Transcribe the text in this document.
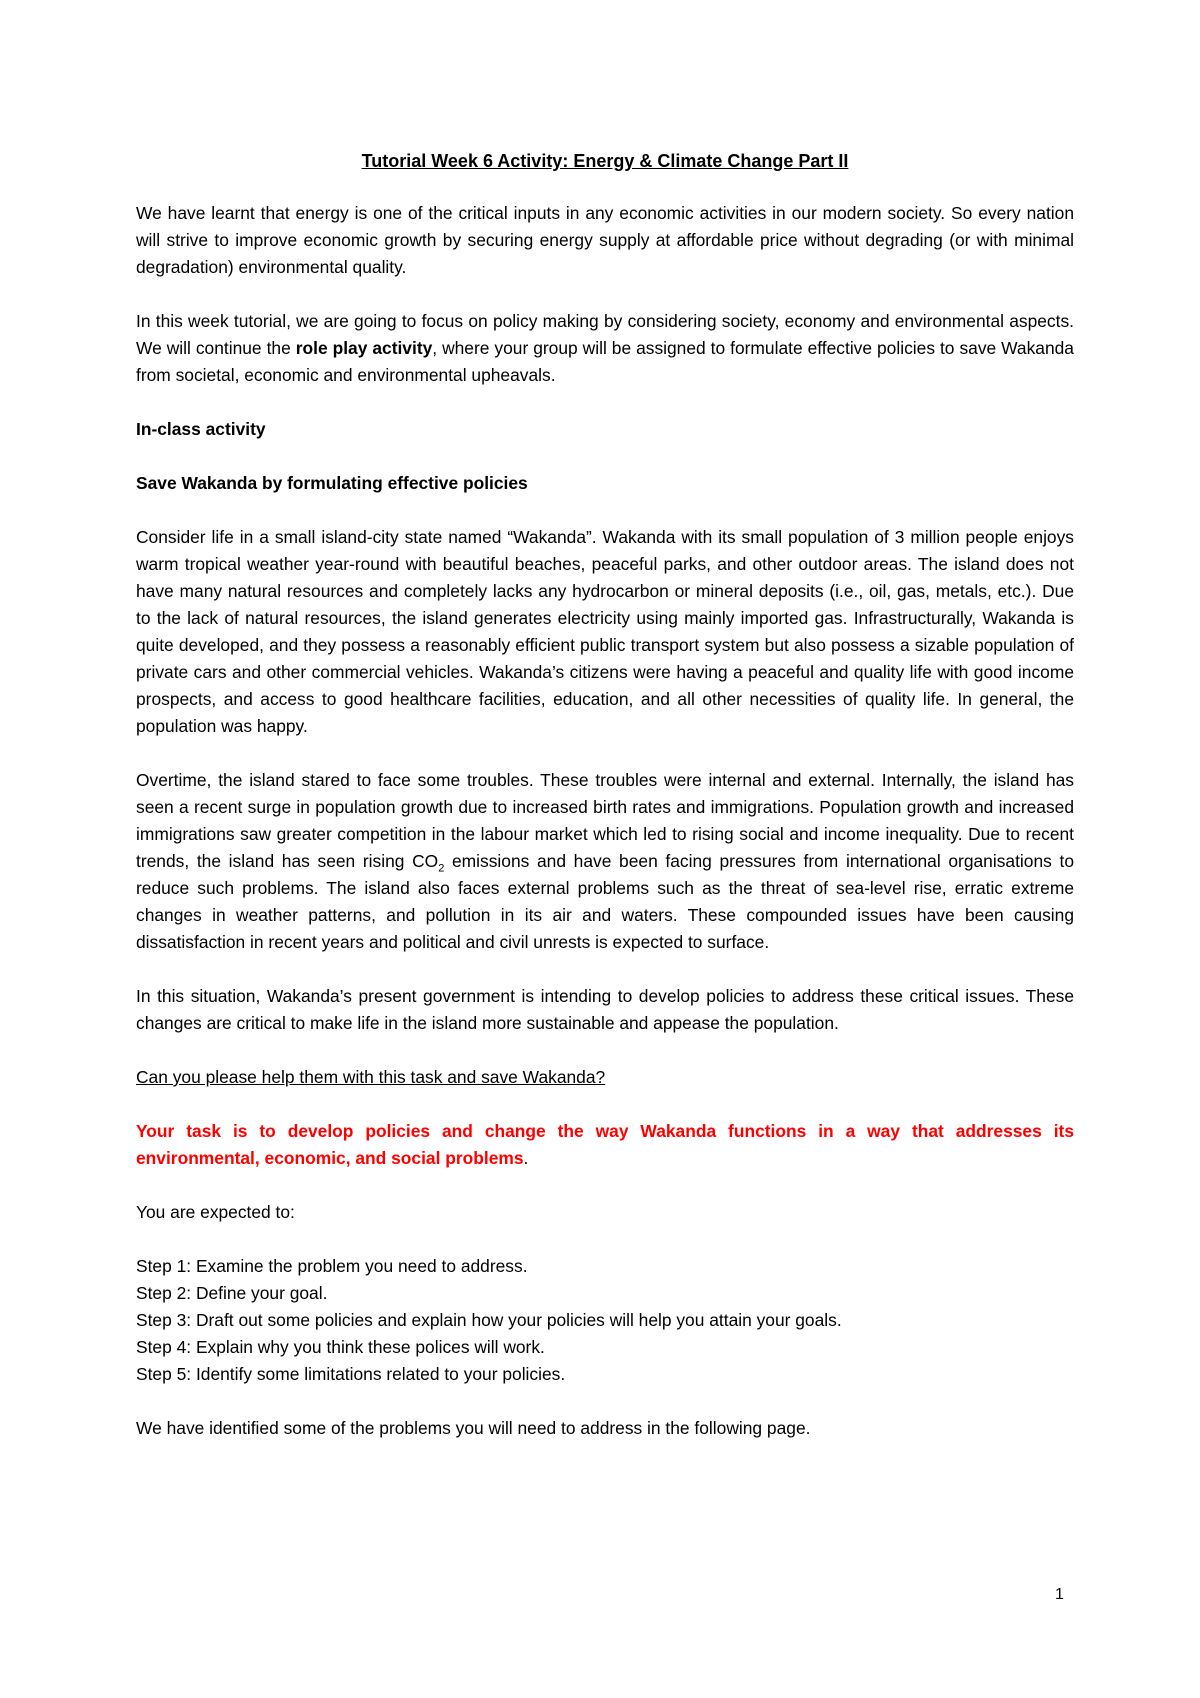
Tutorial Week 6 Activity: Energy & Climate Change Part II

We have learnt that energy is one of the critical inputs in any economic activities in our modern society. So every nation will strive to improve economic growth by securing energy supply at affordable price without degrading (or with minimal degradation) environmental quality.

In this week tutorial, we are going to focus on policy making by considering society, economy and environmental aspects. We will continue the role play activity, where your group will be assigned to formulate effective policies to save Wakanda from societal, economic and environmental upheavals.

In-class activity

Save Wakanda by formulating effective policies

Consider life in a small island-city state named “Wakanda”. Wakanda with its small population of 3 million people enjoys warm tropical weather year-round with beautiful beaches, peaceful parks, and other outdoor areas. The island does not have many natural resources and completely lacks any hydrocarbon or mineral deposits (i.e., oil, gas, metals, etc.). Due to the lack of natural resources, the island generates electricity using mainly imported gas. Infrastructurally, Wakanda is quite developed, and they possess a reasonably efficient public transport system but also possess a sizable population of private cars and other commercial vehicles. Wakanda’s citizens were having a peaceful and quality life with good income prospects, and access to good healthcare facilities, education, and all other necessities of quality life. In general, the population was happy.

Overtime, the island stared to face some troubles. These troubles were internal and external. Internally, the island has seen a recent surge in population growth due to increased birth rates and immigrations. Population growth and increased immigrations saw greater competition in the labour market which led to rising social and income inequality. Due to recent trends, the island has seen rising $CO_2$ emissions and have been facing pressures from international organisations to reduce such problems. The island also faces external problems such as the threat of sea-level rise, erratic extreme changes in weather patterns, and pollution in its air and waters. These compounded issues have been causing dissatisfaction in recent years and political and civil unrests is expected to surface.

In this situation, Wakanda’s present government is intending to develop policies to address these critical issues. These changes are critical to make life in the island more sustainable and appease the population.

Can you please help them with this task and save Wakanda?

Your task is to develop policies and change the way Wakanda functions in a way that addresses its environmental, economic, and social problems.

You are expected to:

Step 1: Examine the problem you need to address.

Step 2: Define your goal.

Step 3: Draft out some policies and explain how your policies will help you attain your goals.

Step 4: Explain why you think these polices will work.

Step 5: Identify some limitations related to your policies.

We have identified some of the problems you will need to address in the following page.

1
